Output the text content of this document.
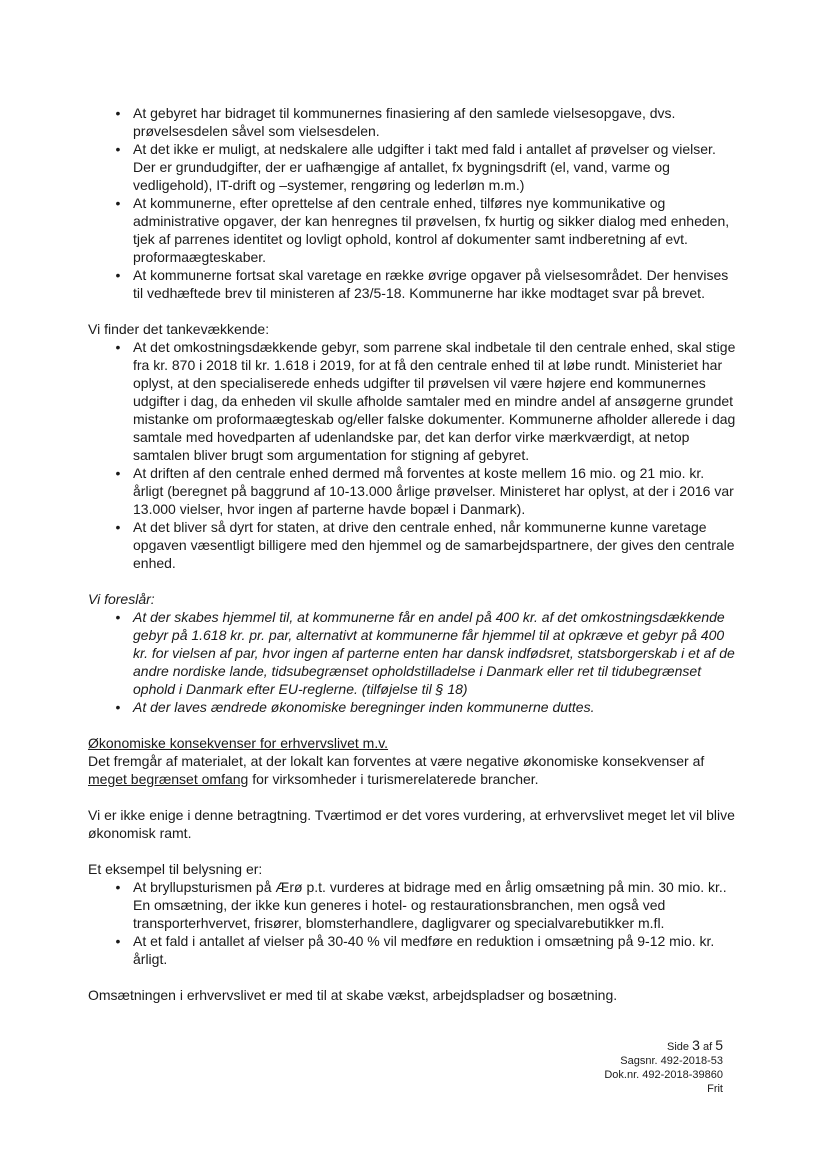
• At gebyret har bidraget til kommunernes finasiering af den samlede vielsesopgave, dvs. prøvelsesdelen såvel som vielsesdelen.
• At det ikke er muligt, at nedskalere alle udgifter i takt med fald i antallet af prøvelser og vielser. Der er grundudgifter, der er uafhængige af antallet, fx bygningsdrift (el, vand, varme og vedligehold), IT-drift og –systemer, rengøring og lederløn m.m.)
• At kommunerne, efter oprettelse af den centrale enhed, tilføres nye kommunikative og administrative opgaver, der kan henregnes til prøvelsen, fx hurtig og sikker dialog med enheden, tjek af parrenes identitet og lovligt ophold, kontrol af dokumenter samt indberetning af evt. proformaægteskaber.
• At kommunerne fortsat skal varetage en række øvrige opgaver på vielsesområdet. Der henvises til vedhæftede brev til ministeren af 23/5-18. Kommunerne har ikke modtaget svar på brevet.

Vi finder det tankevækkende:

• At det omkostningsdækkende gebyr, som parrene skal indbetale til den centrale enhed, skal stige fra kr. 870 i 2018 til kr. 1.618 i 2019, for at få den centrale enhed til at løbe rundt. Ministeriet har oplyst, at den specialiserede enheds udgifter til prøvelsen vil være højere end kommunernes udgifter i dag, da enheden vil skulle afholde samtaler med en mindre andel af ansøgerne grundet mistanke om proformaægteskab og/eller falske dokumenter. Kommunerne afholder allerede i dag samtale med hovedparten af udenlandske par, det kan derfor virke mærkværdigt, at netop samtalen bliver brugt som argumentation for stigning af gebyret.
• At driften af den centrale enhed dermed må forventes at koste mellem 16 mio. og 21 mio. kr. årligt (beregnet på baggrund af 10-13.000 årlige prøvelser. Ministeret har oplyst, at der i 2016 var 13.000 vielser, hvor ingen af parterne havde bopæl i Danmark).
• At det bliver så dyrt for staten, at drive den centrale enhed, når kommunerne kunne varetage opgaven væsentligt billigere med den hjemmel og de samarbejdspartnere, der gives den centrale enhed.

Vi foreslår:

• At der skabes hjemmel til, at kommunerne får en andel på 400 kr. af det omkostningsdækkende gebyr på 1.618 kr. pr. par, alternativt at kommunerne får hjemmel til at opkræve et gebyr på 400 kr. for vielsen af par, hvor ingen af parterne enten har dansk indfødsret, statsborgerskab i et af de andre nordiske lande, tidsubegrænset opholdstilladelse i Danmark eller ret til tidubegrænset ophold i Danmark efter EU-reglerne. (tilføjelse til § 18)
• At der laves ændrede økonomiske beregninger inden kommunerne duttes.

Økonomiske konsekvenser for erhvervslivet m.v.

Det fremgår af materialet, at der lokalt kan forventes at være negative økonomiske konsekvenser af meget begrænset omfang for virksomheder i turismerelaterede brancher.

Vi er ikke enige i denne betragtning. Tværtimod er det vores vurdering, at erhvervslivet meget let vil blive økonomisk ramt.

Et eksempel til belysning er:

• At bryllupsturismen på Ærø p.t. vurderes at bidrage med en årlig omsætning på min. 30 mio. kr.. En omsætning, der ikke kun generes i hotel- og restaurationsbranchen, men også ved transporterhvervet, frisører, blomsterhandlere, dagligvarer og specialvarebutikker m.fl.
• At et fald i antallet af vielser på 30-40 % vil medføre en reduktion i omsætning på 9-12 mio. kr. årligt.

Omsætningen i erhvervslivet er med til at skabe vækst, arbejdspladser og bosætning.

Side 3 af 5
Sagsnr. 492-2018-53
Dok.nr. 492-2018-39860
Frit
